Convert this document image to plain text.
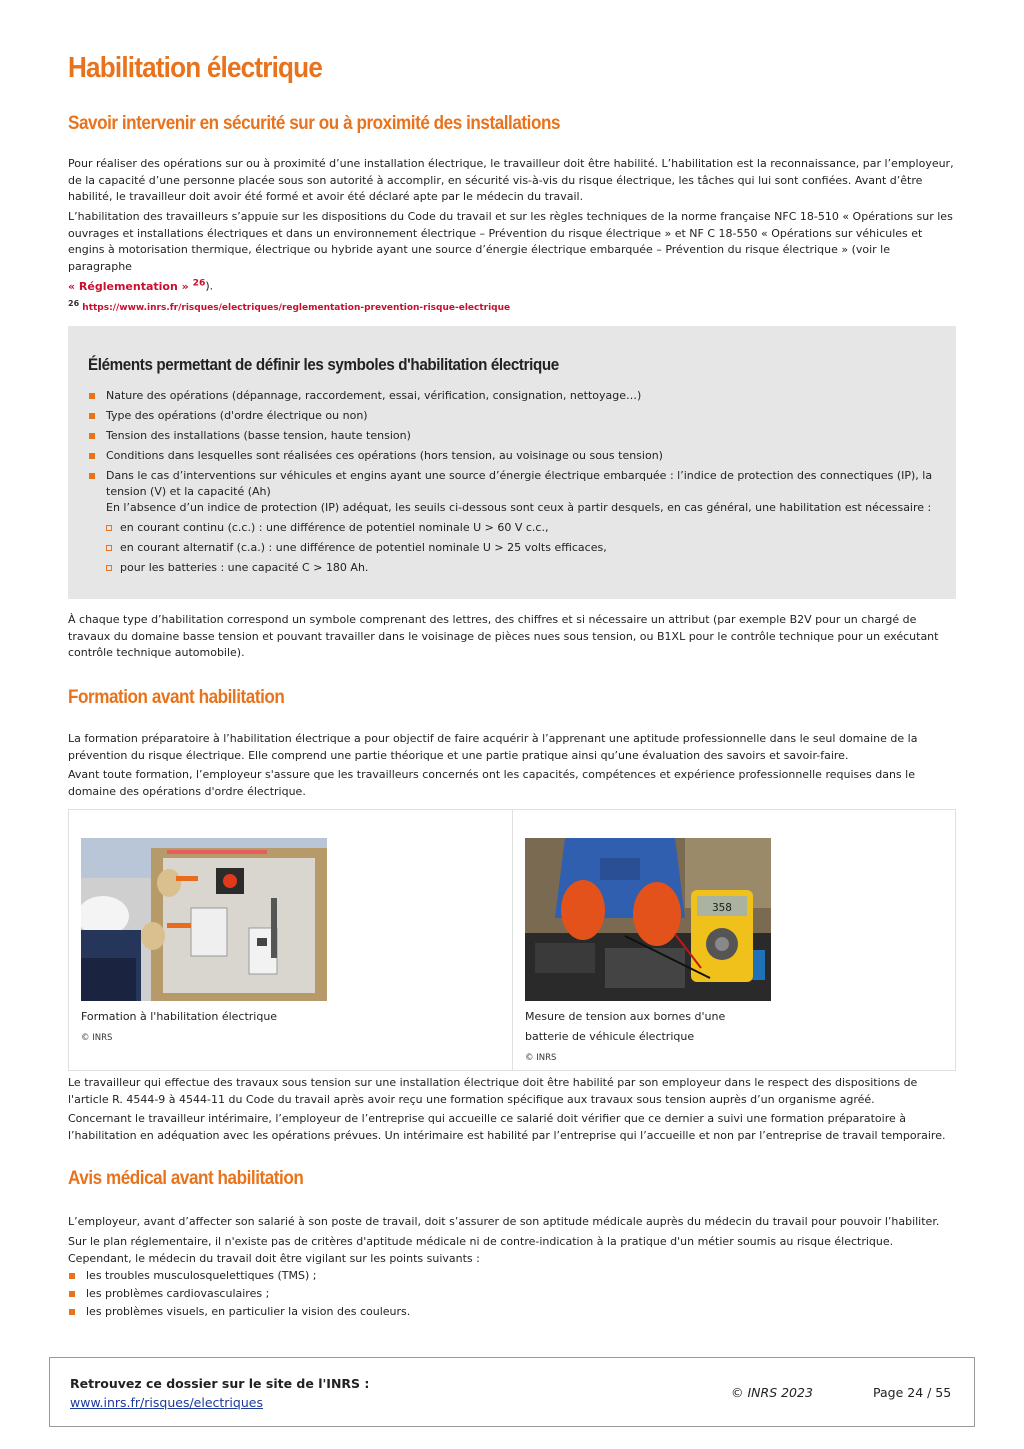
Habilitation électrique
Savoir intervenir en sécurité sur ou à proximité des installations

Pour réaliser des opérations sur ou à proximité d’une installation électrique, le travailleur doit être habilité. L’habilitation est la reconnaissance, par l’employeur, de la capacité d’une personne placée sous son autorité à accomplir, en sécurité vis-à-vis du risque électrique, les tâches qui lui sont confiées. Avant d’être habilité, le travailleur doit avoir été formé et avoir été déclaré apte par le médecin du travail.

L’habilitation des travailleurs s’appuie sur les dispositions du Code du travail et sur les règles techniques de la norme française NFC 18-510 « Opérations sur les ouvrages et installations électriques et dans un environnement électrique – Prévention du risque électrique » et NF C 18-550 « Opérations sur véhicules et engins à motorisation thermique, électrique ou hybride ayant une source d’énergie électrique embarquée – Prévention du risque électrique » (voir le paragraphe
« Réglementation » $^{26}$).

$^{26}$ https://www.inrs.fr/risques/electriques/reglementation-prevention-risque-electrique
Éléments permettant de définir les symboles d'habilitation électrique
Nature des opérations (dépannage, raccordement, essai, vérification, consignation, nettoyage…)
Type des opérations (d'ordre électrique ou non)
Tension des installations (basse tension, haute tension)
Conditions dans lesquelles sont réalisées ces opérations (hors tension, au voisinage ou sous tension)
Dans le cas d’interventions sur véhicules et engins ayant une source d’énergie électrique embarquée : l’indice de protection des connectiques (IP), la tension (V) et la capacité (Ah)
En l’absence d’un indice de protection (IP) adéquat, les seuils ci-dessous sont ceux à partir desquels, en cas général, une habilitation est nécessaire :
en courant continu (c.c.) : une différence de potentiel nominale U > 60 V c.c.,
en courant alternatif (c.a.) : une différence de potentiel nominale U > 25 volts efficaces,
pour les batteries : une capacité C > 180 Ah.

À chaque type d’habilitation correspond un symbole comprenant des lettres, des chiffres et si nécessaire un attribut (par exemple B2V pour un chargé de travaux du domaine basse tension et pouvant travailler dans le voisinage de pièces nues sous tension, ou B1XL pour le contrôle technique pour un exécutant contrôle technique automobile).

Formation avant habilitation

La formation préparatoire à l’habilitation électrique a pour objectif de faire acquérir à l’apprenant une aptitude professionnelle dans le seul domaine de la prévention du risque électrique. Elle comprend une partie théorique et une partie pratique ainsi qu’une évaluation des savoirs et savoir-faire.

Avant toute formation, l’employeur s'assure que les travailleurs concernés ont les capacités, compétences et expérience professionnelle requises dans le domaine des opérations d'ordre électrique.

Formation à l'habilitation électrique
© INRS
358
Mesure de tension aux bornes d'une batterie de véhicule électrique
© INRS

Le travailleur qui effectue des travaux sous tension sur une installation électrique doit être habilité par son employeur dans le respect des dispositions de l'article R. 4544-9 à 4544-11 du Code du travail après avoir reçu une formation spécifique aux travaux sous tension auprès d’un organisme agréé.

Concernant le travailleur intérimaire, l’employeur de l’entreprise qui accueille ce salarié doit vérifier que ce dernier a suivi une formation préparatoire à l’habilitation en adéquation avec les opérations prévues. Un intérimaire est habilité par l’entreprise qui l’accueille et non par l’entreprise de travail temporaire.

Avis médical avant habilitation

L’employeur, avant d’affecter son salarié à son poste de travail, doit s’assurer de son aptitude médicale auprès du médecin du travail pour pouvoir l’habiliter.

Sur le plan réglementaire, il n'existe pas de critères d'aptitude médicale ni de contre-indication à la pratique d'un métier soumis au risque électrique. Cependant, le médecin du travail doit être vigilant sur les points suivants :

les troubles musculosquelettiques (TMS) ;
les problèmes cardiovasculaires ;
les problèmes visuels, en particulier la vision des couleurs.
Retrouvez ce dossier sur le site de l'INRS :
www.inrs.fr/risques/electriques
© INRS 2023	Page 24 / 55
